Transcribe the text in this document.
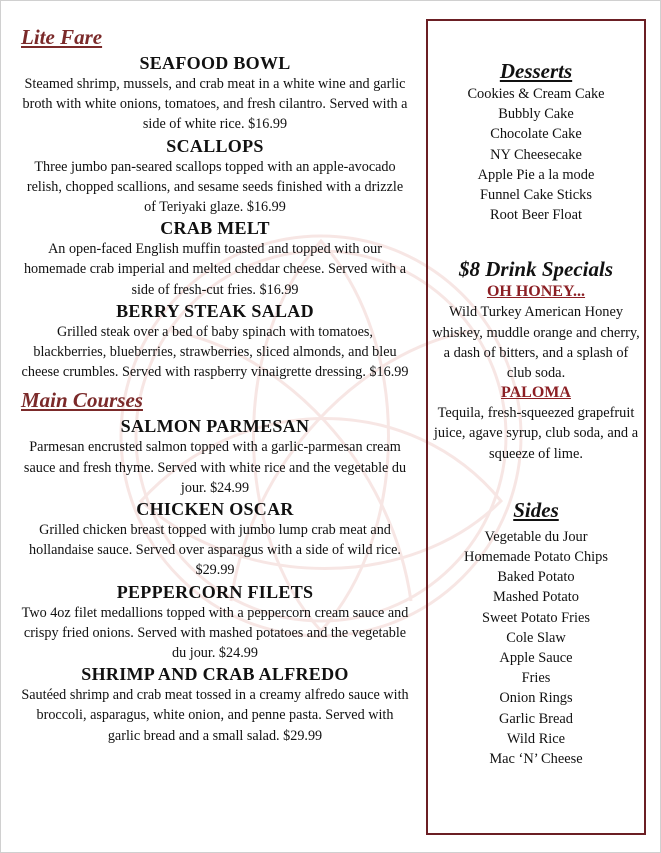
Lite Fare
SEAFOOD BOWL
Steamed shrimp, mussels, and crab meat in a white wine and garlic broth with white onions, tomatoes, and fresh cilantro. Served with a side of white rice. $16.99
SCALLOPS
Three jumbo pan-seared scallops topped with an apple-avocado relish, chopped scallions, and sesame seeds finished with a drizzle of Teriyaki glaze. $16.99
CRAB MELT
An open-faced English muffin toasted and topped with our homemade crab imperial and melted cheddar cheese. Served with a side of fresh-cut fries. $16.99
BERRY STEAK SALAD
Grilled steak over a bed of baby spinach with tomatoes, blackberries, blueberries, strawberries, sliced almonds, and bleu cheese crumbles. Served with raspberry vinaigrette dressing. $16.99
Main Courses
SALMON PARMESAN
Parmesan encrusted salmon topped with a garlic-parmesan cream sauce and fresh thyme. Served with white rice and the vegetable du jour. $24.99
CHICKEN OSCAR
Grilled chicken breast topped with jumbo lump crab meat and hollandaise sauce. Served over asparagus with a side of wild rice. $29.99
PEPPERCORN FILETS
Two 4oz filet medallions topped with a peppercorn cream sauce and crispy fried onions. Served with mashed potatoes and the vegetable du jour. $24.99
SHRIMP AND CRAB ALFREDO
Sautéed shrimp and crab meat tossed in a creamy alfredo sauce with broccoli, asparagus, white onion, and penne pasta. Served with garlic bread and a small salad. $29.99
Desserts
Cookies & Cream Cake
Bubbly Cake
Chocolate Cake
NY Cheesecake
Apple Pie a la mode
Funnel Cake Sticks
Root Beer Float
$8 Drink Specials
OH HONEY...
Wild Turkey American Honey whiskey, muddle orange and cherry, a dash of bitters, and a splash of club soda.
PALOMA
Tequila, fresh-squeezed grapefruit juice, agave syrup, club soda, and a squeeze of lime.
Sides
Vegetable du Jour
Homemade Potato Chips
Baked Potato
Mashed Potato
Sweet Potato Fries
Cole Slaw
Apple Sauce
Fries
Onion Rings
Garlic Bread
Wild Rice
Mac ‘N’ Cheese
